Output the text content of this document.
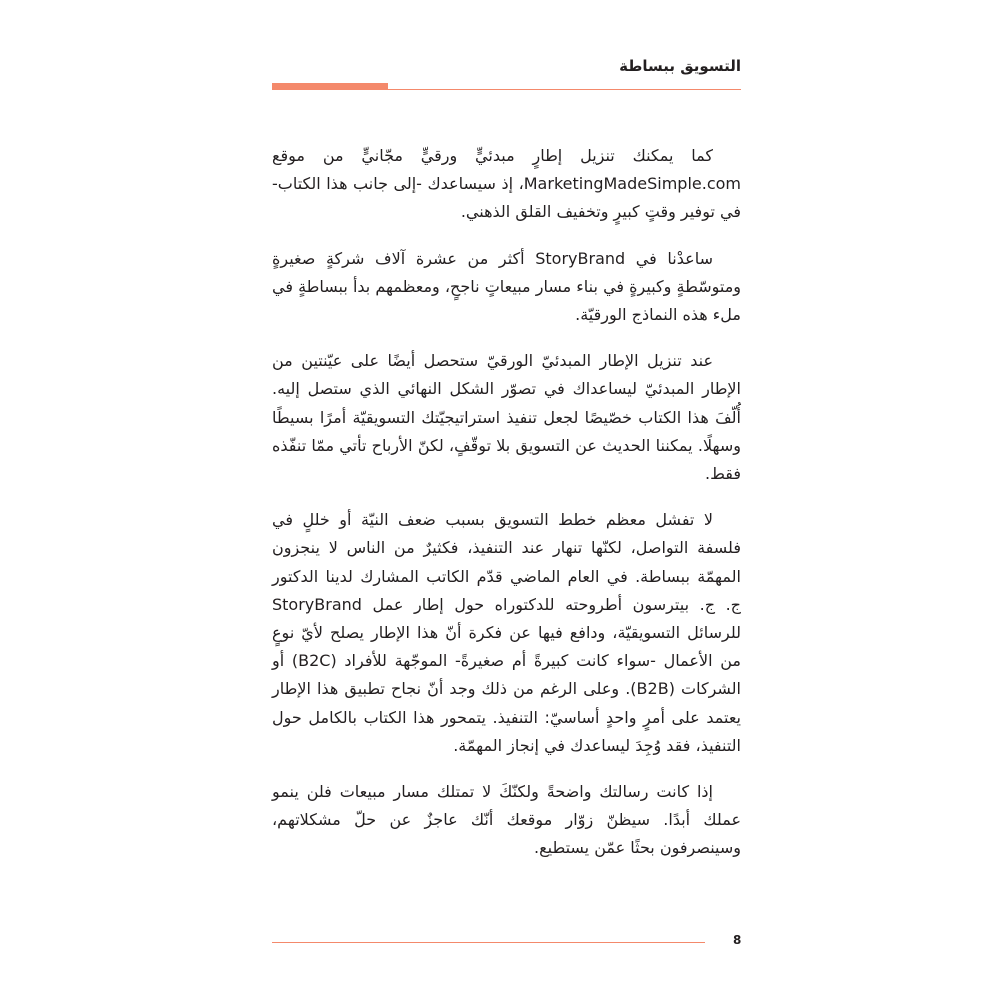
التسويق ببساطة

كما يمكنك تنزيل إطارٍ مبدئيٍّ ورقيٍّ مجّانيٍّ من موقع MarketingMadeSimple.com، إذ سيساعدك -إلى جانب هذا الكتاب- في توفير وقتٍ كبيرٍ وتخفيف القلق الذهني.

ساعدْنا في StoryBrand أكثر من عشرة آلاف شركةٍ صغيرةٍ ومتوسّطةٍ وكبيرةٍ في بناء مسار مبيعاتٍ ناجحٍ، ومعظمهم بدأ ببساطةٍ في ملء هذه النماذج الورقيّة.

عند تنزيل الإطار المبدئيّ الورقيّ ستحصل أيضًا على عيّنتين من الإطار المبدئيّ ليساعداك في تصوّر الشكل النهائي الذي ستصل إليه. أُلّفَ هذا الكتاب خصّيصًا لجعل تنفيذ استراتيجيّتك التسويقيّة أمرًا بسيطًا وسهلًا. يمكننا الحديث عن التسويق بلا توقّفٍ، لكنّ الأرباح تأتي ممّا تنفّذه فقط.

لا تفشل معظم خطط التسويق بسبب ضعف النيّة أو خللٍ في فلسفة التواصل، لكنّها تنهار عند التنفيذ، فكثيرٌ من الناس لا ينجزون المهمّة ببساطة. في العام الماضي قدّم الكاتب المشارك لدينا الدكتور ج. ج. بيترسون أطروحته للدكتوراه حول إطار عمل StoryBrand للرسائل التسويقيّة، ودافع فيها عن فكرة أنّ هذا الإطار يصلح لأيّ نوعٍ من الأعمال -سواء كانت كبيرةً أم صغيرةً- الموجّهة للأفراد (B2C) أو الشركات (B2B). وعلى الرغم من ذلك وجد أنّ نجاح تطبيق هذا الإطار يعتمد على أمرٍ واحدٍ أساسيّ: التنفيذ. يتمحور هذا الكتاب بالكامل حول التنفيذ، فقد وُجِدَ ليساعدك في إنجاز المهمّة.

إذا كانت رسالتك واضحةً ولكنّكَ لا تمتلك مسار مبيعات فلن ينمو عملك أبدًا. سيظنّ زوّار موقعك أنّك عاجزٌ عن حلّ مشكلاتهم، وسينصرفون بحثًا عمّن يستطيع.

8
